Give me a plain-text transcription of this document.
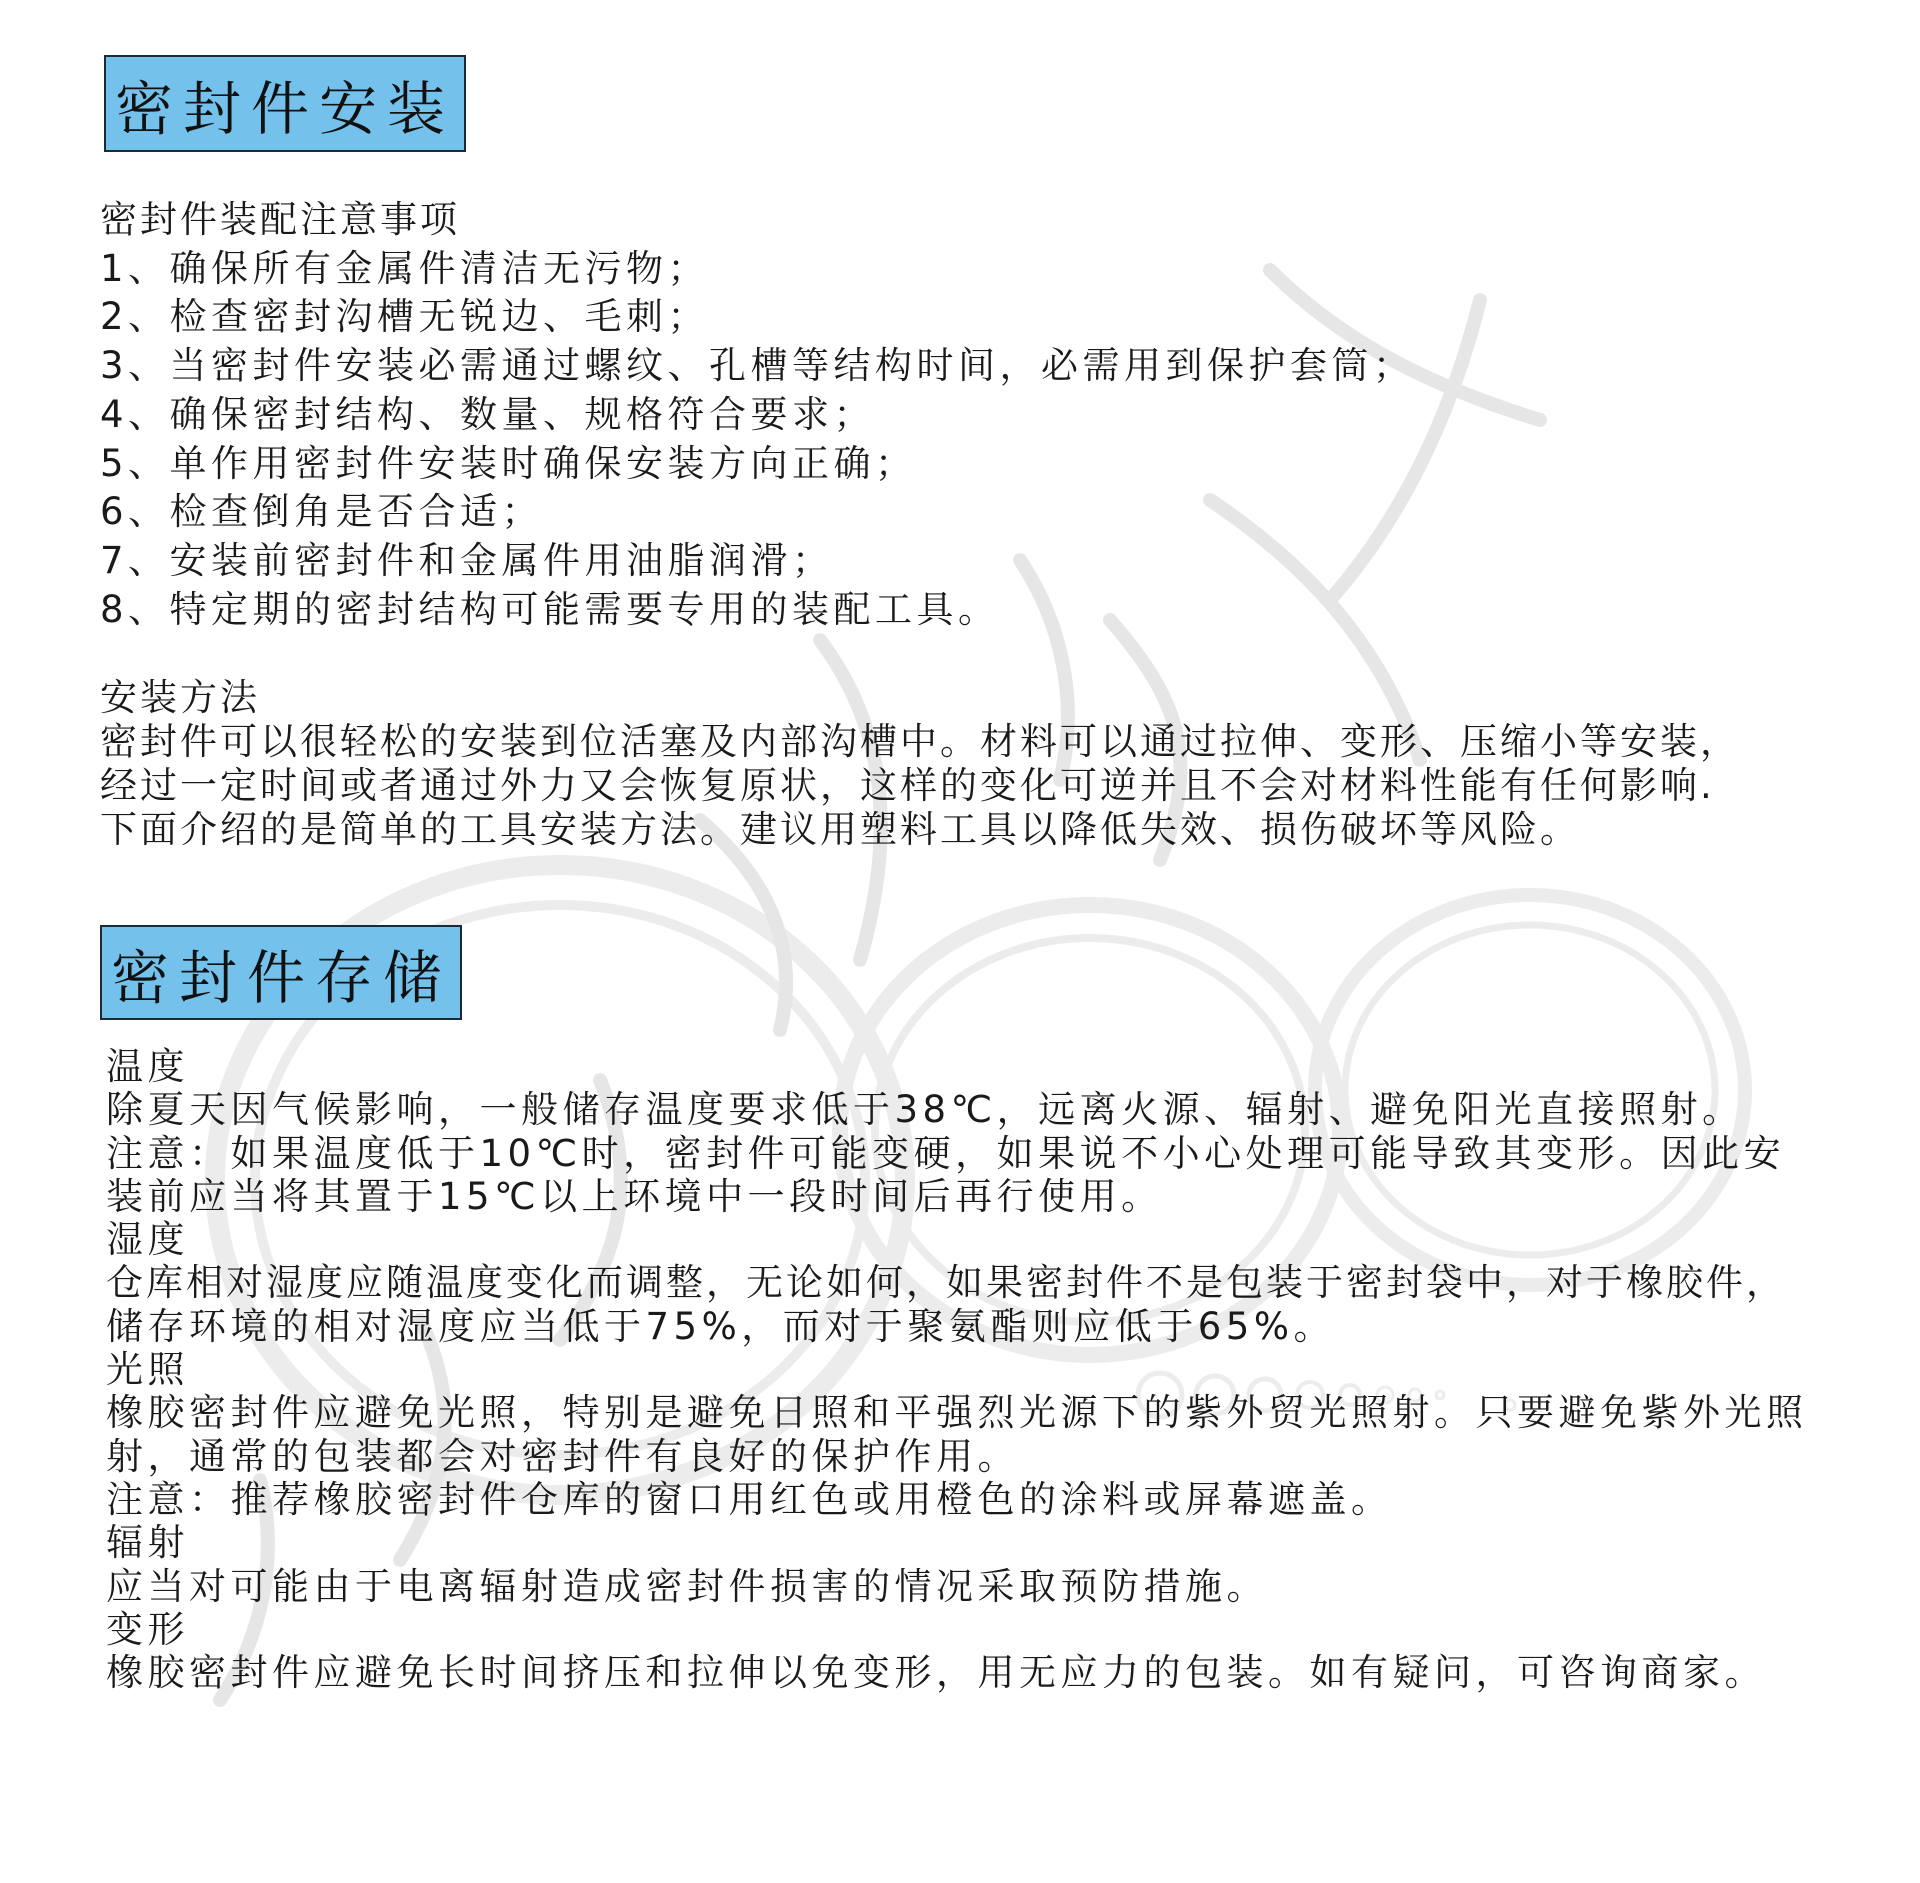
密封件安装
密封件装配注意事项
1、确保所有金属件清洁无污物；
2、检查密封沟槽无锐边、毛刺；
3、当密封件安装必需通过螺纹、孔槽等结构时间，必需用到保护套筒；
4、确保密封结构、数量、规格符合要求；
5、单作用密封件安装时确保安装方向正确；
6、检查倒角是否合适；
7、安装前密封件和金属件用油脂润滑；
8、特定期的密封结构可能需要专用的装配工具。
安装方法
密封件可以很轻松的安装到位活塞及内部沟槽中。材料可以通过拉伸、变形、压缩小等安装，
经过一定时间或者通过外力又会恢复原状，这样的变化可逆并且不会对材料性能有任何影响.
下面介绍的是简单的工具安装方法。建议用塑料工具以降低失效、损伤破坏等风险。
密封件存储
温度
除夏天因气候影响，一般储存温度要求低于38℃，远离火源、辐射、避免阳光直接照射。
注意：如果温度低于10℃时，密封件可能变硬，如果说不小心处理可能导致其变形。因此安
装前应当将其置于15℃以上环境中一段时间后再行使用。
湿度
仓库相对湿度应随温度变化而调整，无论如何，如果密封件不是包装于密封袋中，对于橡胶件，
储存环境的相对湿度应当低于75%，而对于聚氨酯则应低于65%。
光照
橡胶密封件应避免光照，特别是避免日照和平强烈光源下的紫外贸光照射。只要避免紫外光照
射，通常的包装都会对密封件有良好的保护作用。
注意：推荐橡胶密封件仓库的窗口用红色或用橙色的涂料或屏幕遮盖。
辐射
应当对可能由于电离辐射造成密封件损害的情况采取预防措施。
变形
橡胶密封件应避免长时间挤压和拉伸以免变形，用无应力的包装。如有疑问，可咨询商家。
